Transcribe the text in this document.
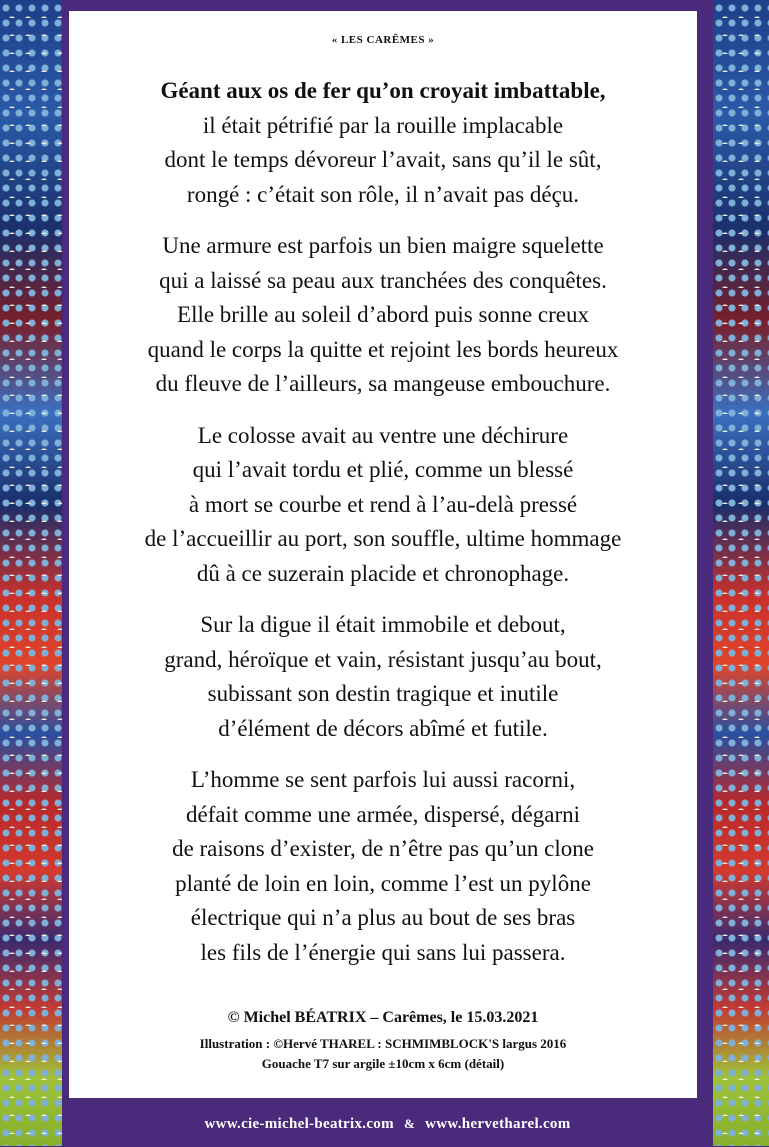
« LES CARÊMES »
Géant aux os de fer qu’on croyait imbattable,
il était pétrifié par la rouille implacable
dont le temps dévoreur l’avait, sans qu’il le sût,
rongé : c’était son rôle, il n’avait pas déçu.
Une armure est parfois un bien maigre squelette
qui a laissé sa peau aux tranchées des conquêtes.
Elle brille au soleil d’abord puis sonne creux
quand le corps la quitte et rejoint les bords heureux
du fleuve de l’ailleurs, sa mangeuse embouchure.
Le colosse avait au ventre une déchirure
qui l’avait tordu et plié, comme un blessé
à mort se courbe et rend à l’au-delà pressé
de l’accueillir au port, son souffle, ultime hommage
dû à ce suzerain placide et chronophage.
Sur la digue il était immobile et debout,
grand, héroïque et vain, résistant jusqu’au bout,
subissant son destin tragique et inutile
d’élément de décors abîmé et futile.
L’homme se sent parfois lui aussi racorni,
défait comme une armée, dispersé, dégarni
de raisons d’exister, de n’être pas qu’un clone
planté de loin en loin, comme l’est un pylône
électrique qui n’a plus au bout de ses bras
les fils de l’énergie qui sans lui passera.
© Michel BÉATRIX – Carêmes, le 15.03.2021
Illustration : ©Hervé THAREL : SCHMIMBLOCK'S largus 2016
Gouache T7 sur argile ±10cm x 6cm (détail)
www.cie-michel-beatrix.com & www.hervetharel.com
